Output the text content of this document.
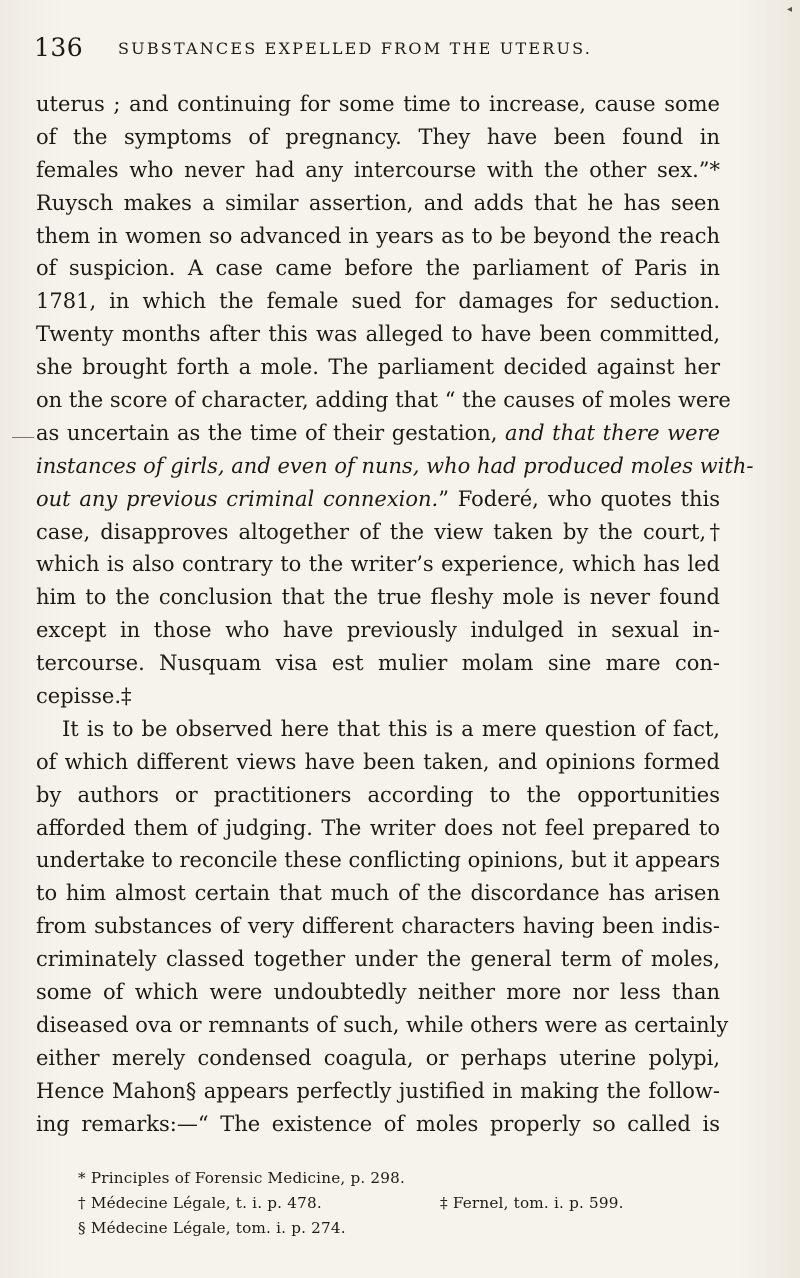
◂
136 SUBSTANCES EXPELLED FROM THE UTERUS.
uterus ; and continuing for some time to increase, cause some
of the symptoms of pregnancy. They have been found in
females who never had any intercourse with the other sex.”*
Ruysch makes a similar assertion, and adds that he has seen
them in women so advanced in years as to be beyond the reach
of suspicion. A case came before the parliament of Paris in
1781, in which the female sued for damages for seduction.
Twenty months after this was alleged to have been committed,
she brought forth a mole. The parliament decided against her
on the score of character, adding that “ the causes of moles were
as uncertain as the time of their gestation, and that there were
instances of girls, and even of nuns, who had produced moles with-
out any previous criminal connexion.” Foderé, who quotes this
case, disapproves altogether of the view taken by the court,†
which is also contrary to the writer’s experience, which has led
him to the conclusion that the true fleshy mole is never found
except in those who have previously indulged in sexual in-
tercourse. Nusquam visa est mulier molam sine mare con-
cepisse.‡
It is to be observed here that this is a mere question of fact,
of which different views have been taken, and opinions formed
by authors or practitioners according to the opportunities
afforded them of judging. The writer does not feel prepared to
undertake to reconcile these conflicting opinions, but it appears
to him almost certain that much of the discordance has arisen
from substances of very different characters having been indis-
criminately classed together under the general term of moles,
some of which were undoubtedly neither more nor less than
diseased ova or remnants of such, while others were as certainly
either merely condensed coagula, or perhaps uterine polypi,
Hence Mahon§ appears perfectly justified in making the follow-
ing remarks:—“ The existence of moles properly so called is
* Principles of Forensic Medicine, p. 298.
† Médecine Légale, t. i. p. 478.	‡ Fernel, tom. i. p. 599.
§ Médecine Légale, tom. i. p. 274.
